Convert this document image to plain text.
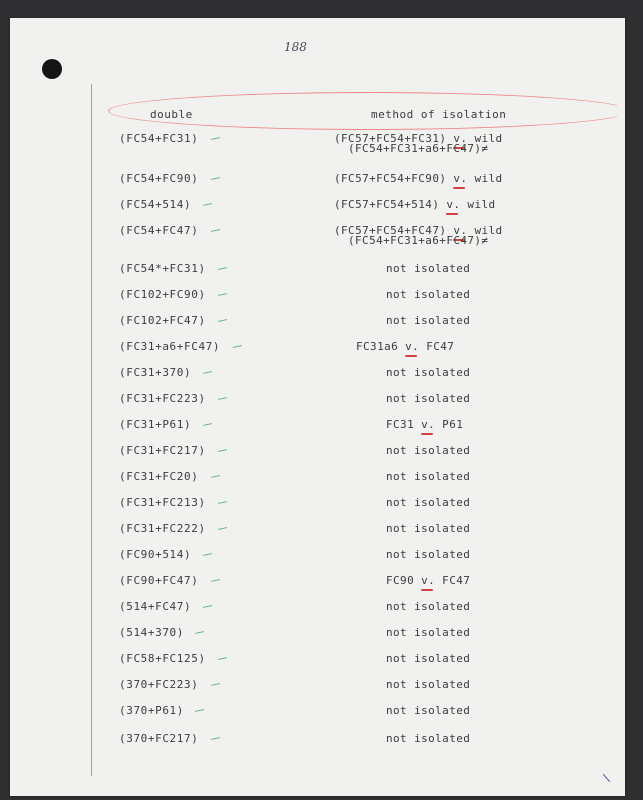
188
double	method of isolation
(FC54+FC31)	(FC57+FC54+FC31) v. wild
(FC54+FC31+a6+FC47)≠
(FC54+FC90)	(FC57+FC54+FC90) v. wild
(FC54+514)	(FC57+FC54+514) v. wild
(FC54+FC47)	(FC57+FC54+FC47) v. wild
(FC54+FC31+a6+FC47)≠
(FC54*+FC31)	not isolated
(FC102+FC90)	not isolated
(FC102+FC47)	not isolated
(FC31+a6+FC47)	FC31a6 v. FC47
(FC31+370)	not isolated
(FC31+FC223)	not isolated
(FC31+P61)	FC31 v. P61
(FC31+FC217)	not isolated
(FC31+FC20)	not isolated
(FC31+FC213)	not isolated
(FC31+FC222)	not isolated
(FC90+514)	not isolated
(FC90+FC47)	FC90 v. FC47
(514+FC47)	not isolated
(514+370)	not isolated
(FC58+FC125)	not isolated
(370+FC223)	not isolated
(370+P61)	not isolated
(370+FC217)	not isolated
